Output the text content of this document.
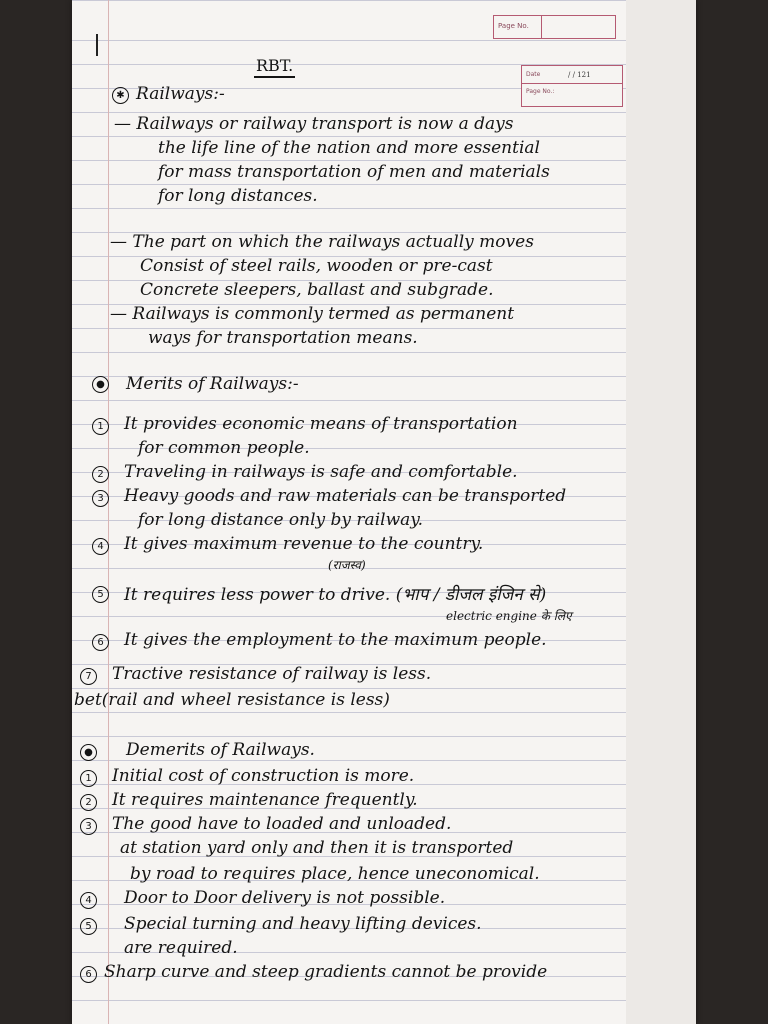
Page No.
RBT.	Date	/ / 121
Page No.:
✱ Railways:-
— Railways or railway transport is now a days
the life line of the nation and more essential
for mass transportation of men and materials
for long distances.
— The part on which the railways actually moves
Consist of steel rails, wooden or pre-cast
Concrete sleepers, ballast and subgrade.
— Railways is commonly termed as permanent
ways for transportation means.
● Merits of Railways:-
1	It provides economic means of transportation
for common people.
2	Traveling in railways is safe and comfortable.
3	Heavy goods and raw materials can be transported
for long distance only by railway.
4	It gives maximum revenue to the country.
(राजस्व)
5	It requires less power to drive. (भाप / डीजल इंजिन से)
electric engine के लिए
6	It gives the employment to the maximum people.
7	Tractive resistance of railway is less.
bet(rail and wheel resistance is less)
● Demerits of Railways.
1	Initial cost of construction is more.
2	It requires maintenance frequently.
3	The good have to loaded and unloaded.
at station yard only and then it is transported
by road to requires place, hence uneconomical.
4	Door to Door delivery is not possible.
5	Special turning and heavy lifting devices.
are required.
6 Sharp curve and steep gradients cannot be provide
